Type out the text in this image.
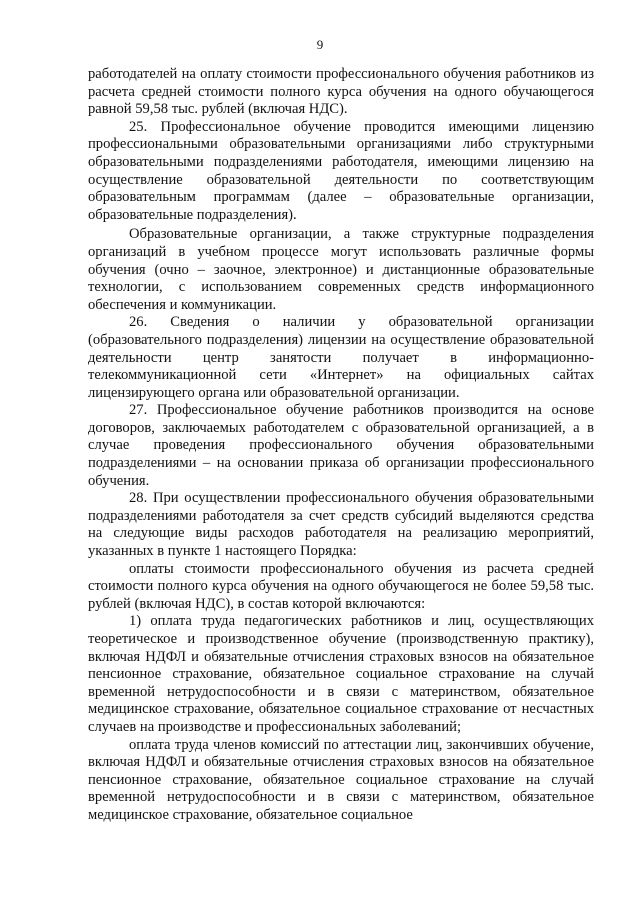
9

работодателей на оплату стоимости профессионального обучения работников из расчета средней стоимости полного курса обучения на одного обучающегося равной 59,58 тыс. рублей (включая НДС).

25. Профессиональное обучение проводится имеющими лицензию профессиональными образовательными организациями либо структурными образовательными подразделениями работодателя, имеющими лицензию на осуществление образовательной деятельности по соответствующим образовательным программам (далее – образовательные организации, образовательные подразделения).

Образовательные организации, а также структурные подразделения организаций в учебном процессе могут использовать различные формы обучения (очно – заочное, электронное) и дистанционные образовательные технологии, с использованием современных средств информационного обеспечения и коммуникации.

26. Сведения о наличии у образовательной организации (образовательного подразделения) лицензии на осуществление образовательной деятельности центр занятости получает в информационно-телекоммуникационной сети «Интернет» на официальных сайтах лицензирующего органа или образовательной организации.

27. Профессиональное обучение работников производится на основе договоров, заключаемых работодателем с образовательной организацией, а в случае проведения профессионального обучения образовательными подразделениями – на основании приказа об организации профессионального обучения.

28. При осуществлении профессионального обучения образовательными подразделениями работодателя за счет средств субсидий выделяются средства на следующие виды расходов работодателя на реализацию мероприятий, указанных в пункте 1 настоящего Порядка:

оплаты стоимости профессионального обучения из расчета средней стоимости полного курса обучения на одного обучающегося не более 59,58 тыс. рублей (включая НДС), в состав которой включаются:

1) оплата труда педагогических работников и лиц, осуществляющих теоретическое и производственное обучение (производственную практику), включая НДФЛ и обязательные отчисления страховых взносов на обязательное пенсионное страхование, обязательное социальное страхование на случай временной нетрудоспособности и в связи с материнством, обязательное медицинское страхование, обязательное социальное страхование от несчастных случаев на производстве и профессиональных заболеваний;

оплата труда членов комиссий по аттестации лиц, закончивших обучение, включая НДФЛ и обязательные отчисления страховых взносов на обязательное пенсионное страхование, обязательное социальное страхование на случай временной нетрудоспособности и в связи с материнством, обязательное медицинское страхование, обязательное социальное
